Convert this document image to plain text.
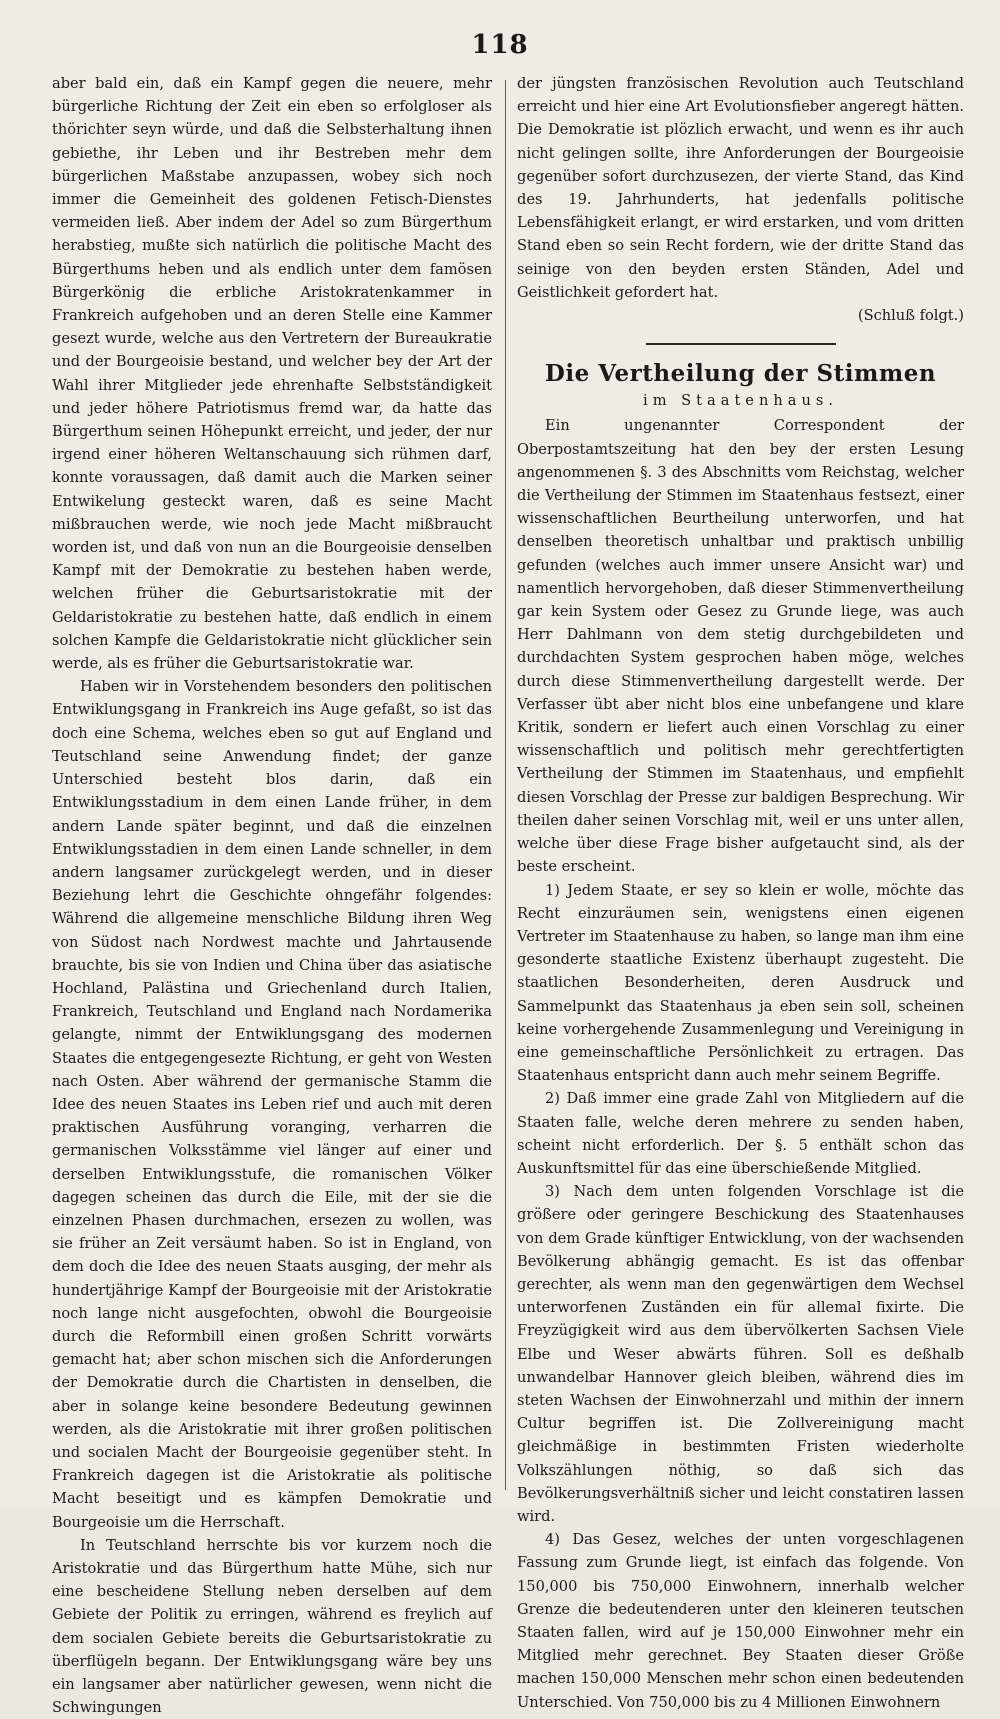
118

aber bald ein, daß ein Kampf gegen die neuere, mehr bürgerliche Richtung der Zeit ein eben so erfolgloser als thörichter seyn würde, und daß die Selbsterhaltung ihnen gebiethe, ihr Leben und ihr Bestreben mehr dem bürgerlichen Maßstabe anzupassen, wobey sich noch immer die Gemeinheit des goldenen Fetisch-Dienstes vermeiden ließ. Aber indem der Adel so zum Bürgerthum herabstieg, mußte sich natürlich die politische Macht des Bürgerthums heben und als endlich unter dem famösen Bürgerkönig die erbliche Aristokratenkammer in Frankreich aufgehoben und an deren Stelle eine Kammer gesezt wurde, welche aus den Vertretern der Bureaukratie und der Bourgeoisie bestand, und welcher bey der Art der Wahl ihrer Mitglieder jede ehrenhafte Selbstständigkeit und jeder höhere Patriotismus fremd war, da hatte das Bürgerthum seinen Höhepunkt erreicht, und jeder, der nur irgend einer höheren Weltanschauung sich rühmen darf, konnte voraussagen, daß damit auch die Marken seiner Entwikelung gesteckt waren, daß es seine Macht mißbrauchen werde, wie noch jede Macht mißbraucht worden ist, und daß von nun an die Bourgeoisie denselben Kampf mit der Demokratie zu bestehen haben werde, welchen früher die Geburtsaristokratie mit der Geldaristokratie zu bestehen hatte, daß endlich in einem solchen Kampfe die Geldaristokratie nicht glücklicher sein werde, als es früher die Geburtsaristokratie war.

Haben wir in Vorstehendem besonders den politischen Entwiklungsgang in Frankreich ins Auge gefaßt, so ist das doch eine Schema, welches eben so gut auf England und Teutschland seine Anwendung findet; der ganze Unterschied besteht blos darin, daß ein Entwiklungsstadium in dem einen Lande früher, in dem andern Lande später beginnt, und daß die einzelnen Entwiklungsstadien in dem einen Lande schneller, in dem andern langsamer zurückgelegt werden, und in dieser Beziehung lehrt die Geschichte ohngefähr folgendes: Während die allgemeine menschliche Bildung ihren Weg von Südost nach Nordwest machte und Jahrtausende brauchte, bis sie von Indien und China über das asiatische Hochland, Palästina und Griechenland durch Italien, Frankreich, Teutschland und England nach Nordamerika gelangte, nimmt der Entwiklungsgang des modernen Staates die entgegengesezte Richtung, er geht von Westen nach Osten. Aber während der germanische Stamm die Idee des neuen Staates ins Leben rief und auch mit deren praktischen Ausführung voranging, verharren die germanischen Volksstämme viel länger auf einer und derselben Entwiklungsstufe, die romanischen Völker dagegen scheinen das durch die Eile, mit der sie die einzelnen Phasen durchmachen, ersezen zu wollen, was sie früher an Zeit versäumt haben. So ist in England, von dem doch die Idee des neuen Staats ausging, der mehr als hundertjährige Kampf der Bourgeoisie mit der Aristokratie noch lange nicht ausgefochten, obwohl die Bourgeoisie durch die Reformbill einen großen Schritt vorwärts gemacht hat; aber schon mischen sich die Anforderungen der Demokratie durch die Chartisten in denselben, die aber in solange keine besondere Bedeutung gewinnen werden, als die Aristokratie mit ihrer großen politischen und socialen Macht der Bourgeoisie gegenüber steht. In Frankreich dagegen ist die Aristokratie als politische Macht beseitigt und es kämpfen Demokratie und Bourgeoisie um die Herrschaft.

In Teutschland herrschte bis vor kurzem noch die Aristokratie und das Bürgerthum hatte Mühe, sich nur eine bescheidene Stellung neben derselben auf dem Gebiete der Politik zu erringen, während es freylich auf dem socialen Gebiete bereits die Geburtsaristokratie zu überflügeln begann. Der Entwiklungsgang wäre bey uns ein langsamer aber natürlicher gewesen, wenn nicht die Schwingungen

der jüngsten französischen Revolution auch Teutschland erreicht und hier eine Art Evolutionsfieber angeregt hätten. Die Demokratie ist plözlich erwacht, und wenn es ihr auch nicht gelingen sollte, ihre Anforderungen der Bourgeoisie gegenüber sofort durchzusezen, der vierte Stand, das Kind des 19. Jahrhunderts, hat jedenfalls politische Lebensfähigkeit erlangt, er wird erstarken, und vom dritten Stand eben so sein Recht fordern, wie der dritte Stand das seinige von den beyden ersten Ständen, Adel und Geistlichkeit gefordert hat.
(Schluß folgt.)

Die Vertheilung der Stimmen
im Staatenhaus.

Ein ungenannter Correspondent der Oberpostamtszeitung hat den bey der ersten Lesung angenommenen §. 3 des Abschnitts vom Reichstag, welcher die Vertheilung der Stimmen im Staatenhaus festsezt, einer wissenschaftlichen Beurtheilung unterworfen, und hat denselben theoretisch unhaltbar und praktisch unbillig gefunden (welches auch immer unsere Ansicht war) und namentlich hervorgehoben, daß dieser Stimmenvertheilung gar kein System oder Gesez zu Grunde liege, was auch Herr Dahlmann von dem stetig durchgebildeten und durchdachten System gesprochen haben möge, welches durch diese Stimmenvertheilung dargestellt werde. Der Verfasser übt aber nicht blos eine unbefangene und klare Kritik, sondern er liefert auch einen Vorschlag zu einer wissenschaftlich und politisch mehr gerechtfertigten Vertheilung der Stimmen im Staatenhaus, und empfiehlt diesen Vorschlag der Presse zur baldigen Besprechung. Wir theilen daher seinen Vorschlag mit, weil er uns unter allen, welche über diese Frage bisher aufgetaucht sind, als der beste erscheint.

1) Jedem Staate, er sey so klein er wolle, möchte das Recht einzuräumen sein, wenigstens einen eigenen Vertreter im Staatenhause zu haben, so lange man ihm eine gesonderte staatliche Existenz überhaupt zugesteht. Die staatlichen Besonderheiten, deren Ausdruck und Sammelpunkt das Staatenhaus ja eben sein soll, scheinen keine vorhergehende Zusammenlegung und Vereinigung in eine gemeinschaftliche Persönlichkeit zu ertragen. Das Staatenhaus entspricht dann auch mehr seinem Begriffe.

2) Daß immer eine grade Zahl von Mitgliedern auf die Staaten falle, welche deren mehrere zu senden haben, scheint nicht erforderlich. Der §. 5 enthält schon das Auskunftsmittel für das eine überschießende Mitglied.

3) Nach dem unten folgenden Vorschlage ist die größere oder geringere Beschickung des Staatenhauses von dem Grade künftiger Entwicklung, von der wachsenden Bevölkerung abhängig gemacht. Es ist das offenbar gerechter, als wenn man den gegenwärtigen dem Wechsel unterworfenen Zuständen ein für allemal fixirte. Die Freyzügigkeit wird aus dem übervölkerten Sachsen Viele Elbe und Weser abwärts führen. Soll es deßhalb unwandelbar Hannover gleich bleiben, während dies im steten Wachsen der Einwohnerzahl und mithin der innern Cultur begriffen ist. Die Zollvereinigung macht gleichmäßige in bestimmten Fristen wiederholte Volkszählungen nöthig, so daß sich das Bevölkerungsverhältniß sicher und leicht constatiren lassen wird.

4) Das Gesez, welches der unten vorgeschlagenen Fassung zum Grunde liegt, ist einfach das folgende. Von 150,000 bis 750,000 Einwohnern, innerhalb welcher Grenze die bedeutenderen unter den kleineren teutschen Staaten fallen, wird auf je 150,000 Einwohner mehr ein Mitglied mehr gerechnet. Bey Staaten dieser Größe machen 150,000 Menschen mehr schon einen bedeutenden Unterschied. Von 750,000 bis zu 4 Millionen Einwohnern
